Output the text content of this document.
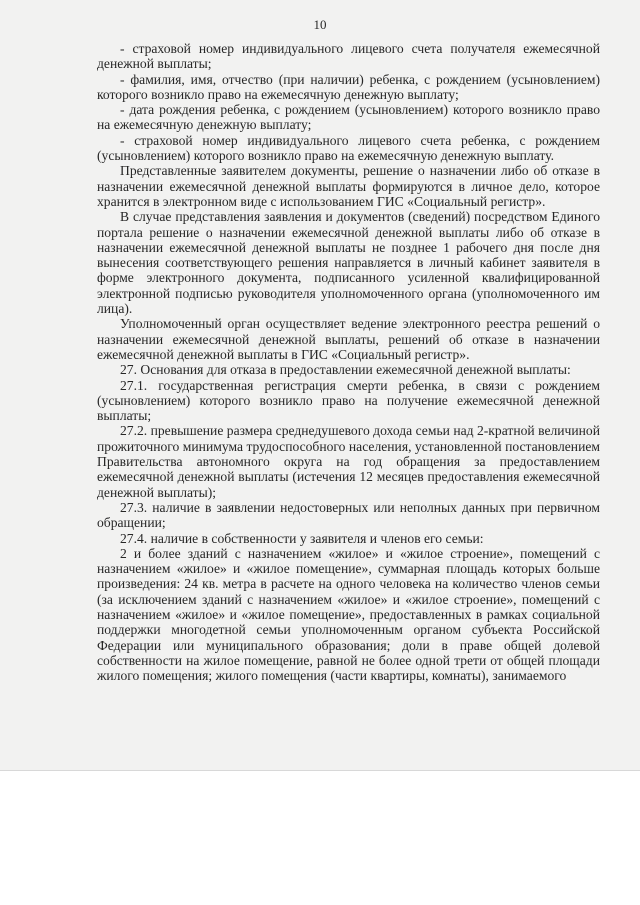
10

- страховой номер индивидуального лицевого счета получателя ежемесячной денежной выплаты;

- фамилия, имя, отчество (при наличии) ребенка, с рождением (усыновлением) которого возникло право на ежемесячную денежную выплату;

- дата рождения ребенка, с рождением (усыновлением) которого возникло право на ежемесячную денежную выплату;

- страховой номер индивидуального лицевого счета ребенка, с рождением (усыновлением) которого возникло право на ежемесячную денежную выплату.

Представленные заявителем документы, решение о назначении либо об отказе в назначении ежемесячной денежной выплаты формируются в личное дело, которое хранится в электронном виде с использованием ГИС «Социальный регистр».

В случае представления заявления и документов (сведений) посредством Единого портала решение о назначении ежемесячной денежной выплаты либо об отказе в назначении ежемесячной денежной выплаты не позднее 1 рабочего дня после дня вынесения соответствующего решения направляется в личный кабинет заявителя в форме электронного документа, подписанного усиленной квалифицированной электронной подписью руководителя уполномоченного органа (уполномоченного им лица).

Уполномоченный орган осуществляет ведение электронного реестра решений о назначении ежемесячной денежной выплаты, решений об отказе в назначении ежемесячной денежной выплаты в ГИС «Социальный регистр».

27. Основания для отказа в предоставлении ежемесячной денежной выплаты:

27.1. государственная регистрация смерти ребенка, в связи с рождением (усыновлением) которого возникло право на получение ежемесячной денежной выплаты;

27.2. превышение размера среднедушевого дохода семьи над 2-кратной величиной прожиточного минимума трудоспособного населения, установленной постановлением Правительства автономного округа на год обращения за предоставлением ежемесячной денежной выплаты (истечения 12 месяцев предоставления ежемесячной денежной выплаты);

27.3. наличие в заявлении недостоверных или неполных данных при первичном обращении;

27.4. наличие в собственности у заявителя и членов его семьи:

2 и более зданий с назначением «жилое» и «жилое строение», помещений с назначением «жилое» и «жилое помещение», суммарная площадь которых больше произведения: 24 кв. метра в расчете на одного человека на количество членов семьи (за исключением зданий с назначением «жилое» и «жилое строение», помещений с назначением «жилое» и «жилое помещение», предоставленных в рамках социальной поддержки многодетной семьи уполномоченным органом субъекта Российской Федерации или муниципального образования; доли в праве общей долевой собственности на жилое помещение, равной не более одной трети от общей площади жилого помещения; жилого помещения (части квартиры, комнаты), занимаемого
